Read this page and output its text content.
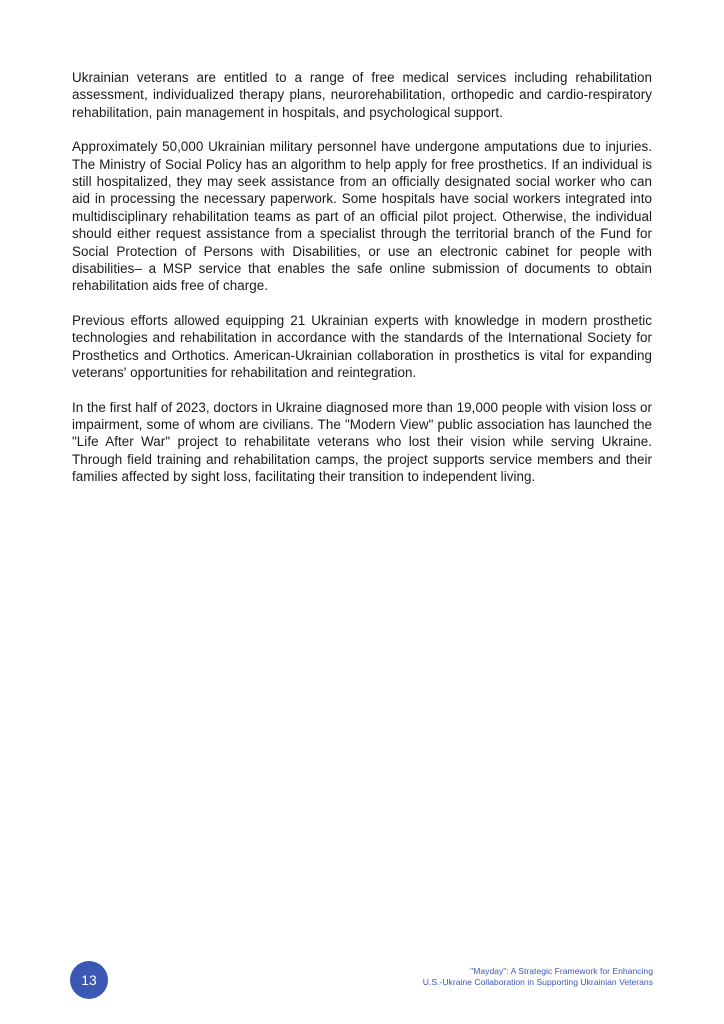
Ukrainian veterans are entitled to a range of free medical services including rehabilitation assessment, individualized therapy plans, neurorehabilitation, orthopedic and cardio-respiratory rehabilitation, pain management in hospitals, and psychological support.

Approximately 50,000 Ukrainian military personnel have undergone amputations due to injuries. The Ministry of Social Policy has an algorithm to help apply for free prosthetics. If an individual is still hospitalized, they may seek assistance from an officially designated social worker who can aid in processing the necessary paperwork. Some hospitals have social workers integrated into multidisciplinary rehabilitation teams as part of an official pilot project. Otherwise, the individual should either request assistance from a specialist through the territorial branch of the Fund for Social Protection of Persons with Disabilities, or use an electronic cabinet for people with disabilities– a MSP service that enables the safe online submission of documents to obtain rehabilitation aids free of charge.

Previous efforts allowed equipping 21 Ukrainian experts with knowledge in modern prosthetic technologies and rehabilitation in accordance with the standards of the International Society for Prosthetics and Orthotics. American-Ukrainian collaboration in prosthetics is vital for expanding veterans' opportunities for rehabilitation and reintegration.

In the first half of 2023, doctors in Ukraine diagnosed more than 19,000 people with vision loss or impairment, some of whom are civilians. The "Modern View" public association has launched the "Life After War" project to rehabilitate veterans who lost their vision while serving Ukraine. Through field training and rehabilitation camps, the project supports service members and their families affected by sight loss, facilitating their transition to independent living.

13
"Mayday": A Strategic Framework for Enhancing
U.S.-Ukraine Collaboration in Supporting Ukrainian Veterans
